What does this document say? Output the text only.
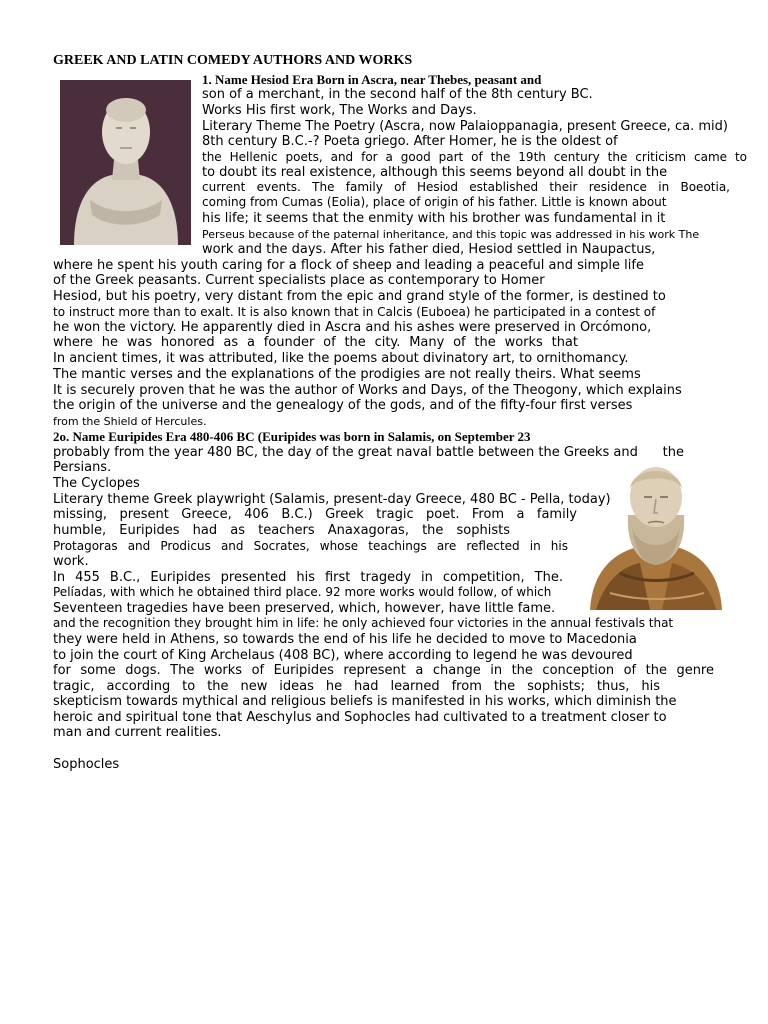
GREEK AND LATIN COMEDY AUTHORS AND WORKS
1. Name Hesiod Era Born in Ascra, near Thebes, peasant and
son of a merchant, in the second half of the 8th century BC.
Works His first work, The Works and Days.
Literary Theme The Poetry (Ascra, now Palaioppanagia, present Greece, ca. mid)
8th century B.C.-? Poeta griego. After Homer, he is the oldest of
the Hellenic poets, and for a good part of the 19th century the criticism came to
to doubt its real existence, although this seems beyond all doubt in the
current events. The family of Hesiod established their residence in Boeotia,
coming from Cumas (Eolia), place of origin of his father. Little is known about
his life; it seems that the enmity with his brother was fundamental in it
Perseus because of the paternal inheritance, and this topic was addressed in his work The
work and the days. After his father died, Hesiod settled in Naupactus,
where he spent his youth caring for a flock of sheep and leading a peaceful and simple life
of the Greek peasants. Current specialists place as contemporary to Homer
Hesiod, but his poetry, very distant from the epic and grand style of the former, is destined to
to instruct more than to exalt. It is also known that in Calcis (Euboea) he participated in a contest of
he won the victory. He apparently died in Ascra and his ashes were preserved in Orcómono,
where he was honored as a founder of the city. Many of the works that
In ancient times, it was attributed, like the poems about divinatory art, to ornithomancy.
The mantic verses and the explanations of the prodigies are not really theirs. What seems
It is securely proven that he was the author of Works and Days, of the Theogony, which explains
the origin of the universe and the genealogy of the gods, and of the fifty-four first verses
from the Shield of Hercules.
2o. Name Euripides Era 480-406 BC (Euripides was born in Salamis, on September 23
probably from the year 480 BC, the day of the great naval battle between the Greeks and      the
Persians.
The Cyclopes
Literary theme Greek playwright (Salamis, present-day Greece, 480 BC - Pella, today)
missing, present Greece, 406 B.C.) Greek tragic poet. From a family
humble, Euripides had as teachers Anaxagoras, the sophists
Protagoras and Prodicus and Socrates, whose teachings are reflected in his
work.
In 455 B.C., Euripides presented his first tragedy in competition, The.
Pelíadas, with which he obtained third place. 92 more works would follow, of which
Seventeen tragedies have been preserved, which, however, have little fame.
and the recognition they brought him in life: he only achieved four victories in the annual festivals that
they were held in Athens, so towards the end of his life he decided to move to Macedonia
to join the court of King Archelaus (408 BC), where according to legend he was devoured
for some dogs. The works of Euripides represent a change in the conception of the genre
tragic, according to the new ideas he had learned from the sophists; thus, his
skepticism towards mythical and religious beliefs is manifested in his works, which diminish the
heroic and spiritual tone that Aeschylus and Sophocles had cultivated to a treatment closer to
man and current realities.
Sophocles
